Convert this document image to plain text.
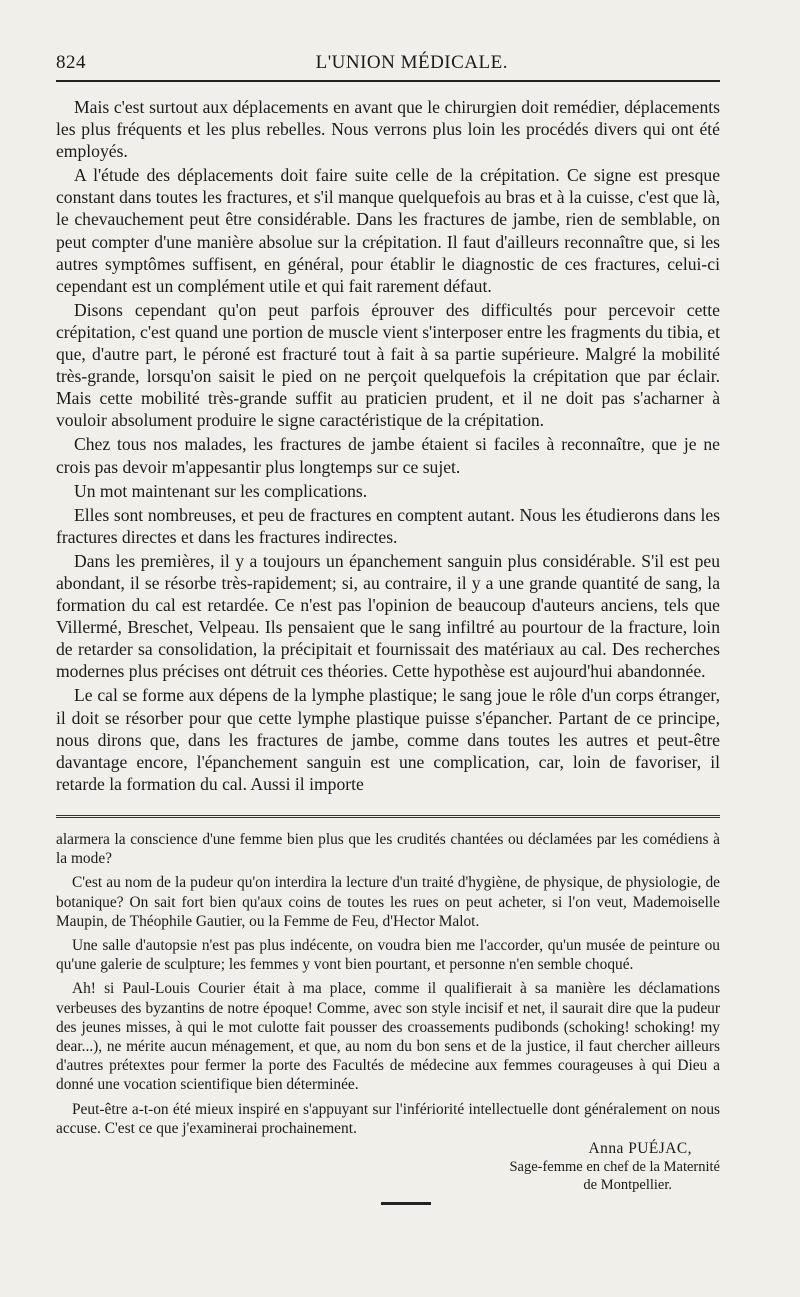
824	L'UNION MÉDICALE.

Mais c'est surtout aux déplacements en avant que le chirurgien doit remédier, déplacements les plus fréquents et les plus rebelles. Nous verrons plus loin les procédés divers qui ont été employés.

A l'étude des déplacements doit faire suite celle de la crépitation. Ce signe est presque constant dans toutes les fractures, et s'il manque quelquefois au bras et à la cuisse, c'est que là, le chevauchement peut être considérable. Dans les fractures de jambe, rien de semblable, on peut compter d'une manière absolue sur la crépitation. Il faut d'ailleurs reconnaître que, si les autres symptômes suffisent, en général, pour établir le diagnostic de ces fractures, celui-ci cependant est un complément utile et qui fait rarement défaut.

Disons cependant qu'on peut parfois éprouver des difficultés pour percevoir cette crépitation, c'est quand une portion de muscle vient s'interposer entre les fragments du tibia, et que, d'autre part, le péroné est fracturé tout à fait à sa partie supérieure. Malgré la mobilité très-grande, lorsqu'on saisit le pied on ne perçoit quelquefois la crépitation que par éclair. Mais cette mobilité très-grande suffit au praticien prudent, et il ne doit pas s'acharner à vouloir absolument produire le signe caractéristique de la crépitation.

Chez tous nos malades, les fractures de jambe étaient si faciles à reconnaître, que je ne crois pas devoir m'appesantir plus longtemps sur ce sujet.

Un mot maintenant sur les complications.

Elles sont nombreuses, et peu de fractures en comptent autant. Nous les étudierons dans les fractures directes et dans les fractures indirectes.

Dans les premières, il y a toujours un épanchement sanguin plus considérable. S'il est peu abondant, il se résorbe très-rapidement; si, au contraire, il y a une grande quantité de sang, la formation du cal est retardée. Ce n'est pas l'opinion de beaucoup d'auteurs anciens, tels que Villermé, Breschet, Velpeau. Ils pensaient que le sang infiltré au pourtour de la fracture, loin de retarder sa consolidation, la précipitait et fournissait des matériaux au cal. Des recherches modernes plus précises ont détruit ces théories. Cette hypothèse est aujourd'hui abandonnée.

Le cal se forme aux dépens de la lymphe plastique; le sang joue le rôle d'un corps étranger, il doit se résorber pour que cette lymphe plastique puisse s'épancher. Partant de ce principe, nous dirons que, dans les fractures de jambe, comme dans toutes les autres et peut-être davantage encore, l'épanchement sanguin est une complication, car, loin de favoriser, il retarde la formation du cal. Aussi il importe

alarmera la conscience d'une femme bien plus que les crudités chantées ou déclamées par les comédiens à la mode?

C'est au nom de la pudeur qu'on interdira la lecture d'un traité d'hygiène, de physique, de physiologie, de botanique? On sait fort bien qu'aux coins de toutes les rues on peut acheter, si l'on veut, Mademoiselle Maupin, de Théophile Gautier, ou la Femme de Feu, d'Hector Malot.

Une salle d'autopsie n'est pas plus indécente, on voudra bien me l'accorder, qu'un musée de peinture ou qu'une galerie de sculpture; les femmes y vont bien pourtant, et personne n'en semble choqué.

Ah! si Paul-Louis Courier était à ma place, comme il qualifierait à sa manière les déclamations verbeuses des byzantins de notre époque! Comme, avec son style incisif et net, il saurait dire que la pudeur des jeunes misses, à qui le mot culotte fait pousser des croassements pudibonds (schoking! schoking! my dear...), ne mérite aucun ménagement, et que, au nom du bon sens et de la justice, il faut chercher ailleurs d'autres prétextes pour fermer la porte des Facultés de médecine aux femmes courageuses à qui Dieu a donné une vocation scientifique bien déterminée.

Peut-être a-t-on été mieux inspiré en s'appuyant sur l'infériorité intellectuelle dont généralement on nous accuse. C'est ce que j'examinerai prochainement.

Anna PUÉJAC,
Sage-femme en chef de la Maternité
de Montpellier.
